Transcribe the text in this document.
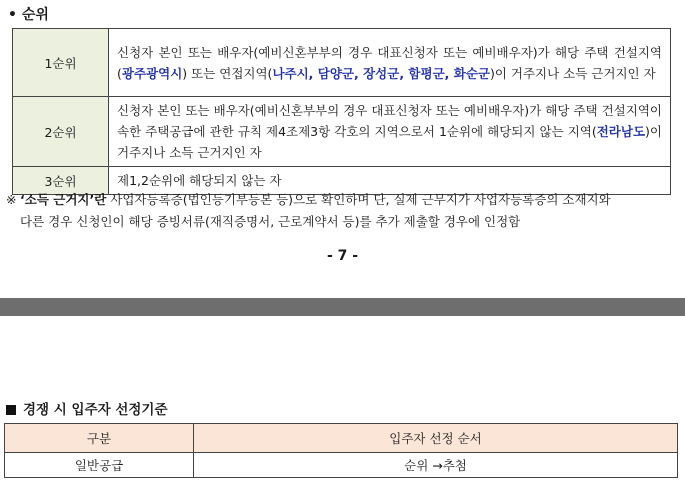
• 순위
1순위	신청자 본인 또는 배우자(예비신혼부부의 경우 대표신청자 또는 예비배우자)가 해당 주택 건설지역(광주광역시) 또는 연접지역(나주시, 담양군, 장성군, 함평군, 화순군)이 거주지나 소득 근거지인 자
2순위	신청자 본인 또는 배우자(예비신혼부부의 경우 대표신청자 또는 예비배우자)가 해당 주택 건설지역이 속한 주택공급에 관한 규칙 제4조제3항 각호의 지역으로서 1순위에 해당되지 않는 지역(전라남도)이 거주지나 소득 근거지인 자
3순위	제1,2순위에 해당되지 않는 자
※ ‘소득 근거지’란 사업자등록증(법인등기부등본 등)으로 확인하며 단, 실제 근무지가 사업자등록증의 소재지와
다른 경우 신청인이 해당 증빙서류(재직증명서, 근로계약서 등)를 추가 제출할 경우에 인정함
- 7 -
경쟁 시 입주자 선정기준
구분	입주자 선정 순서
일반공급	순위 →추첨
